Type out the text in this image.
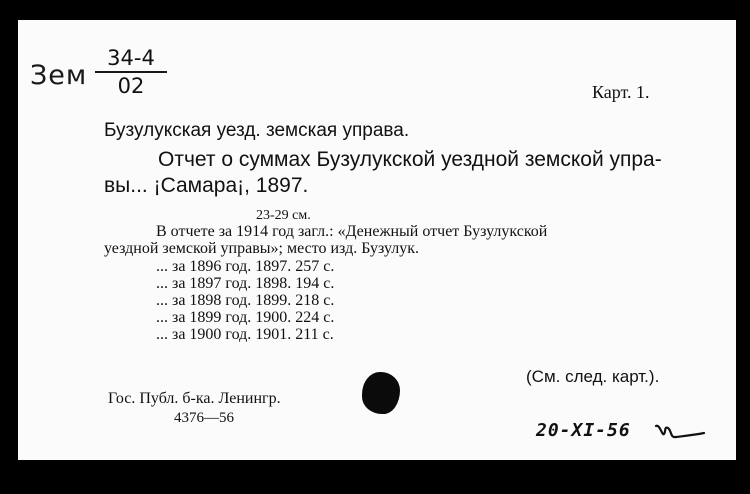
Зем
34-4
02	Карт. 1.
Бузулукская уезд. земская управа.
Отчет о суммах Бузулукской уездной земской упра-
вы... ¡Самара¡, 1897.
23-29 см.
В отчете за 1914 год загл.: «Денежный отчет Бузулукской
уездной земской управы»; место изд. Бузулук.
... за 1896 год. 1897. 257 с.
... за 1897 год. 1898. 194 с.
... за 1898 год. 1899. 218 с.
... за 1899 год. 1900. 224 с.
... за 1900 год. 1901. 211 с.
(См. след. карт.).
Гос. Публ. б-ка. Ленингр.
4376—56
20-XI-56
